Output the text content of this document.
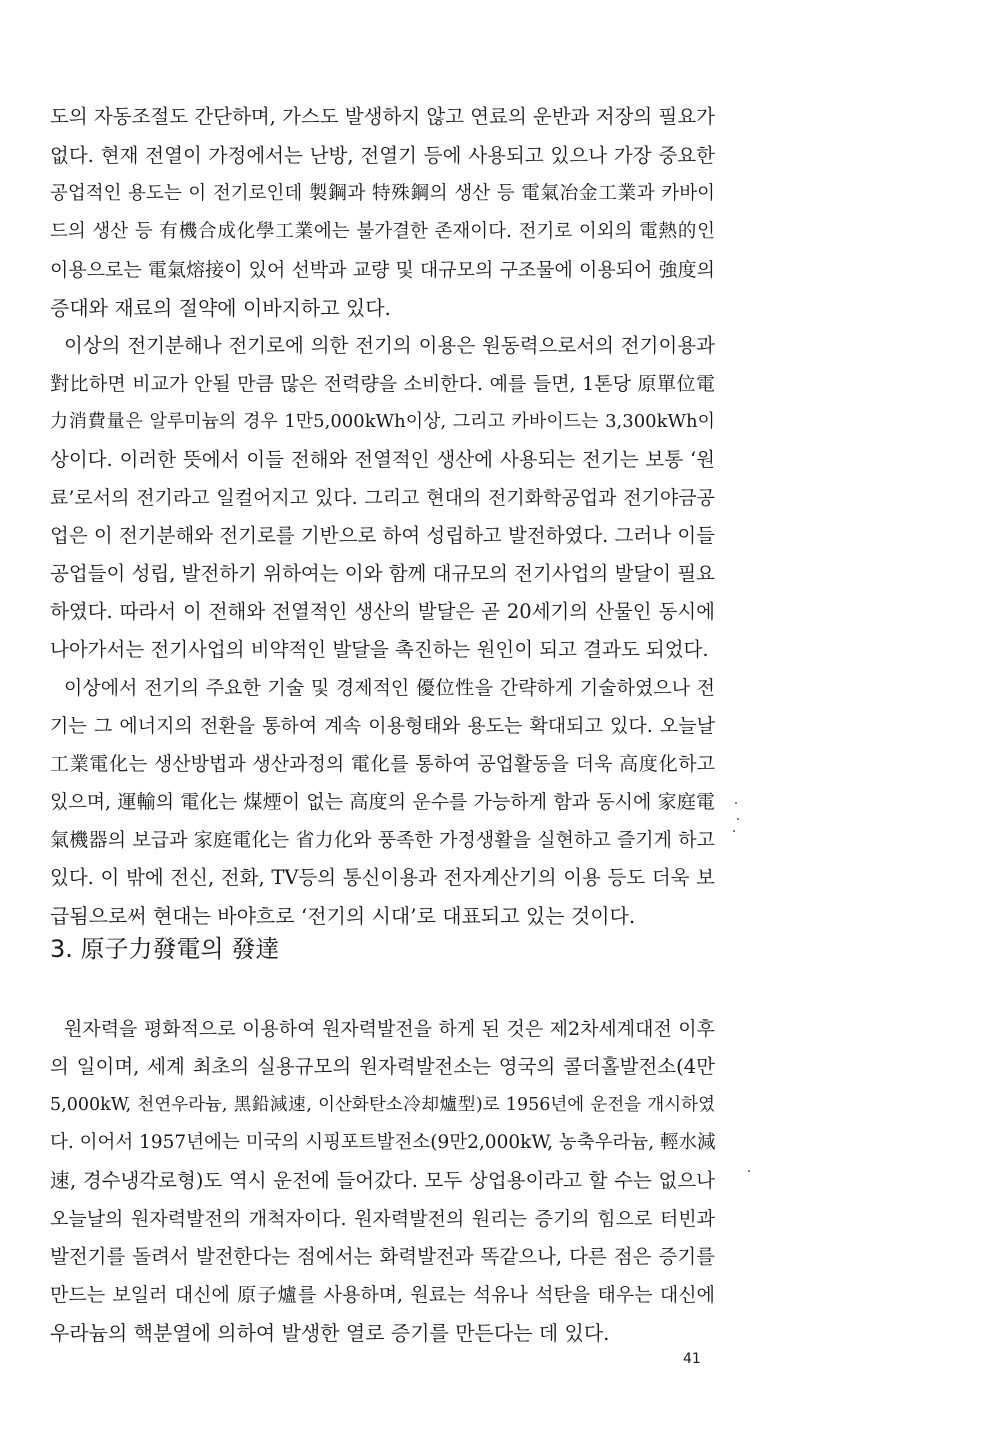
도의 자동조절도 간단하며, 가스도 발생하지 않고 연료의 운반과 저장의 필요가
없다. 현재 전열이 가정에서는 난방, 전열기 등에 사용되고 있으나 가장 중요한
공업적인 용도는 이 전기로인데 製鋼과 特殊鋼의 생산 등 電氣冶金工業과 카바이
드의 생산 등 有機合成化學工業에는 불가결한 존재이다. 전기로 이외의 電熱的인
이용으로는 電氣熔接이 있어 선박과 교량 및 대규모의 구조물에 이용되어 強度의
증대와 재료의 절약에 이바지하고 있다.
이상의 전기분해나 전기로에 의한 전기의 이용은 원동력으로서의 전기이용과
對比하면 비교가 안될 만큼 많은 전력량을 소비한다. 예를 들면, 1톤당 原單位電
力消費量은 알루미늄의 경우 1만5,000kWh이상, 그리고 카바이드는 3,300kWh이
상이다. 이러한 뜻에서 이들 전해와 전열적인 생산에 사용되는 전기는 보통 ‘원
료’로서의 전기라고 일컬어지고 있다. 그리고 현대의 전기화학공업과 전기야금공
업은 이 전기분해와 전기로를 기반으로 하여 성립하고 발전하였다. 그러나 이들
공업들이 성립, 발전하기 위하여는 이와 함께 대규모의 전기사업의 발달이 필요
하였다. 따라서 이 전해와 전열적인 생산의 발달은 곧 20세기의 산물인 동시에
나아가서는 전기사업의 비약적인 발달을 촉진하는 원인이 되고 결과도 되었다.
이상에서 전기의 주요한 기술 및 경제적인 優位性을 간략하게 기술하였으나 전
기는 그 에너지의 전환을 통하여 계속 이용형태와 용도는 확대되고 있다. 오늘날
工業電化는 생산방법과 생산과정의 電化를 통하여 공업활동을 더욱 高度化하고
있으며, 運輸의 電化는 煤煙이 없는 高度의 운수를 가능하게 함과 동시에 家庭電
氣機器의 보급과 家庭電化는 省力化와 풍족한 가정생활을 실현하고 즐기게 하고
있다. 이 밖에 전신, 전화, TV등의 통신이용과 전자계산기의 이용 등도 더욱 보
급됨으로써 현대는 바야흐로 ‘전기의 시대’로 대표되고 있는 것이다.
3. 原子力發電의 發達
원자력을 평화적으로 이용하여 원자력발전을 하게 된 것은 제2차세계대전 이후
의 일이며, 세계 최초의 실용규모의 원자력발전소는 영국의 콜더홀발전소(4만
5,000kW, 천연우라늄, 黑鉛減速, 이산화탄소冷却爐型)로 1956년에 운전을 개시하였
다. 이어서 1957년에는 미국의 시핑포트발전소(9만2,000kW, 농축우라늄, 輕水減
速, 경수냉각로형)도 역시 운전에 들어갔다. 모두 상업용이라고 할 수는 없으나
오늘날의 원자력발전의 개척자이다. 원자력발전의 원리는 증기의 힘으로 터빈과
발전기를 돌려서 발전한다는 점에서는 화력발전과 똑같으나, 다른 점은 증기를
만드는 보일러 대신에 原子爐를 사용하며, 원료는 석유나 석탄을 태우는 대신에
우라늄의 핵분열에 의하여 발생한 열로 증기를 만든다는 데 있다.
41
